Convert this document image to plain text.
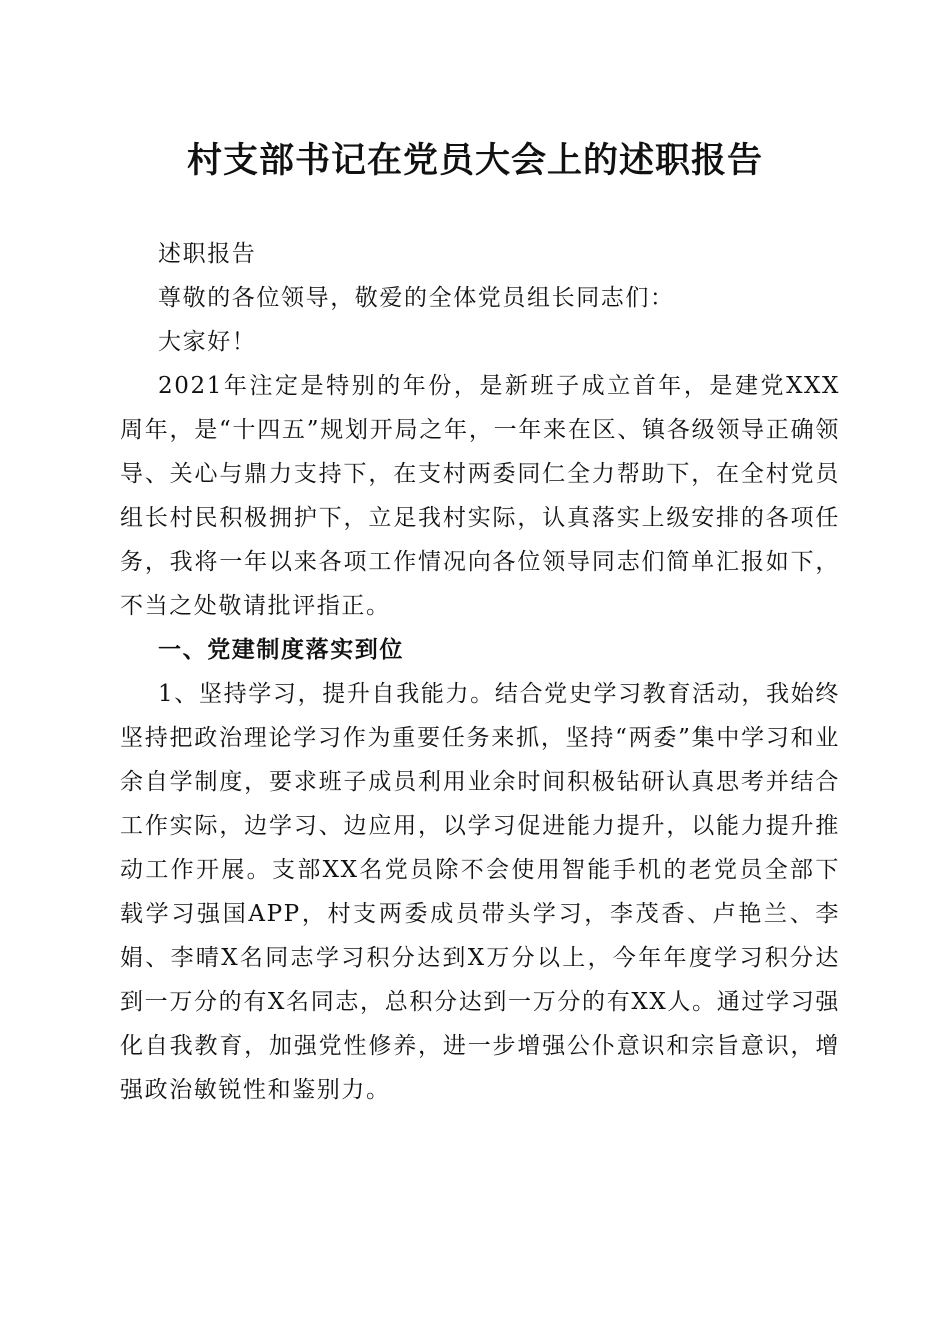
村支部书记在党员大会上的述职报告

述职报告

尊敬的各位领导，敬爱的全体党员组长同志们：

大家好！

2021年注定是特别的年份，是新班子成立首年，是建党XXX周年，是“十四五”规划开局之年，一年来在区、镇各级领导正确领导、关心与鼎力支持下，在支村两委同仁全力帮助下，在全村党员组长村民积极拥护下，立足我村实际，认真落实上级安排的各项任务，我将一年以来各项工作情况向各位领导同志们简单汇报如下，不当之处敬请批评指正。

一、党建制度落实到位

1、坚持学习，提升自我能力。结合党史学习教育活动，我始终坚持把政治理论学习作为重要任务来抓，坚持“两委”集中学习和业余自学制度，要求班子成员利用业余时间积极钻研认真思考并结合工作实际，边学习、边应用，以学习促进能力提升，以能力提升推动工作开展。支部XX名党员除不会使用智能手机的老党员全部下载学习强国APP，村支两委成员带头学习，李茂香、卢艳兰、李娟、李晴X名同志学习积分达到X万分以上，今年年度学习积分达到一万分的有X名同志，总积分达到一万分的有XX人。通过学习强化自我教育，加强党性修养，进一步增强公仆意识和宗旨意识，增强政治敏锐性和鉴别力。
